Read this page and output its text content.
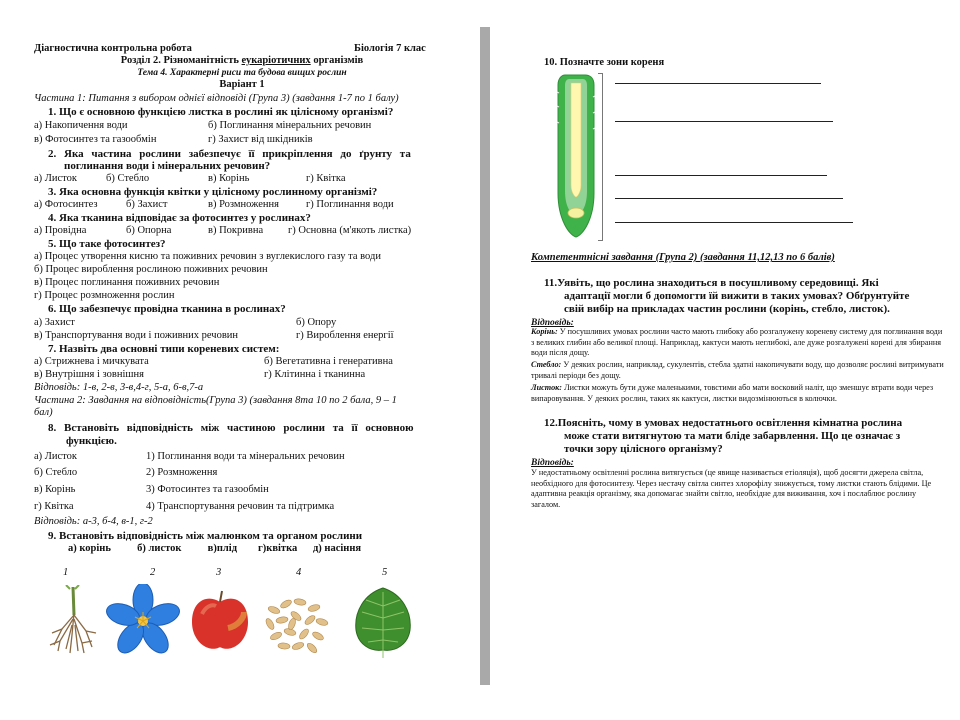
Діагностична контрольна робота	Біологія 7 клас
Розділ 2. Різноманітність еукаріотичних організмів
Тема 4. Характерні риси та будова вищих рослин
Варіант 1
Частина 1: Питання з вибором однієї відповіді (Група 3) (завдання 1-7 по 1 балу)
1. Що є основною функцією листка в рослині як цілісному організмі?
а) Накопичення води	б) Поглинання мінеральних речовин
в) Фотосинтез та газообмін	г) Захист від шкідників
2. Яка частина рослини забезпечує її прикріплення до ґрунту та
поглинання води і мінеральних речовин?
а) Листок	б) Стебло	в) Корінь	г) Квітка
3. Яка основна функція квітки у цілісному рослинному організмі?
а) Фотосинтез	б) Захист	в) Розмноження	г) Поглинання води
4. Яка тканина відповідає за фотосинтез у рослинах?
а) Провідна	б) Опорна	в) Покривна г) Основна (м'якоть листка)
5. Що таке фотосинтез?
а) Процес утворення кисню та поживних речовин з вуглекислого газу та води
б) Процес вироблення рослиною поживних речовин
в) Процес поглинання поживних речовин
г) Процес розмноження рослин
6. Що забезпечує провідна тканина в рослинах?
а) Захист	б) Опору
в) Транспортування води і поживних речовин	г) Вироблення енергії
7. Назвіть два основні типи кореневих систем:
а) Стрижнева і мичкувата	б) Вегетативна і генеративна
в) Внутрішня і зовнішня	г) Клітинна і тканинна
Відповідь: 1-в, 2-в, 3-в,4-г, 5-а, 6-в,7-а
Частина 2: Завдання на відповідність(Група 3) (завдання 8та 10 по 2 бала, 9 – 1
бал)
8. Встановіть відповідність між частиною рослини та її основною
функцією.
а) Листок	1) Поглинання води та мінеральних речовин
б) Стебло	2) Розмноження
в) Корінь	3) Фотосинтез та газообмін
г) Квітка	4) Транспортування речовин та підтримка
Відповідь: а-3, б-4, в-1, г-2
9. Встановіть відповідність між малюнком та органом рослини
а) корінь          б) листок          в)плід        г)квітка      д) насіння
1	2	3	4	5
10. Позначте зони кореня
Компетентнісні завдання (Група 2) (завдання 11,12,13 по 6 балів)
11.Уявіть, що рослина знаходиться в посушливому середовищі. Які
адаптації могли б допомогти їй вижити в таких умовах? Обґрунтуйте
свій вибір на прикладах частин рослини (корінь, стебло, листок).
Відповідь:
Корінь: У посушливих умовах рослини часто мають глибоку або розгалужену кореневу систему для поглинання води з великих глибин або великої площі. Наприклад, кактуси мають неглибокі, але дуже розгалужені корені для збирання води після дощу.
Стебло: У деяких рослин, наприклад, сукулентів, стебла здатні накопичувати воду, що дозволяє рослині витримувати тривалі періоди без дощу.
Листок: Листки можуть бути дуже маленькими, товстими або мати восковий наліт, що зменшує втрати води через випаровування. У деяких рослин, таких як кактуси, листки видозмінюються в колючки.
12.Поясніть, чому в умовах недостатнього освітлення кімнатна рослина
може стати витягнутою та мати бліде забарвлення. Що це означає з
точки зору цілісного організму?
Відповідь:
У недостатньому освітленні рослина витягується (це явище називається етіоляція), щоб досягти джерела світла, необхідного для фотосинтезу. Через нестачу світла синтез хлорофілу знижується, тому листки стають блідими. Це адаптивна реакція організму, яка допомагає знайти світло, необхідне для виживання, хоч і послаблює рослину загалом.
